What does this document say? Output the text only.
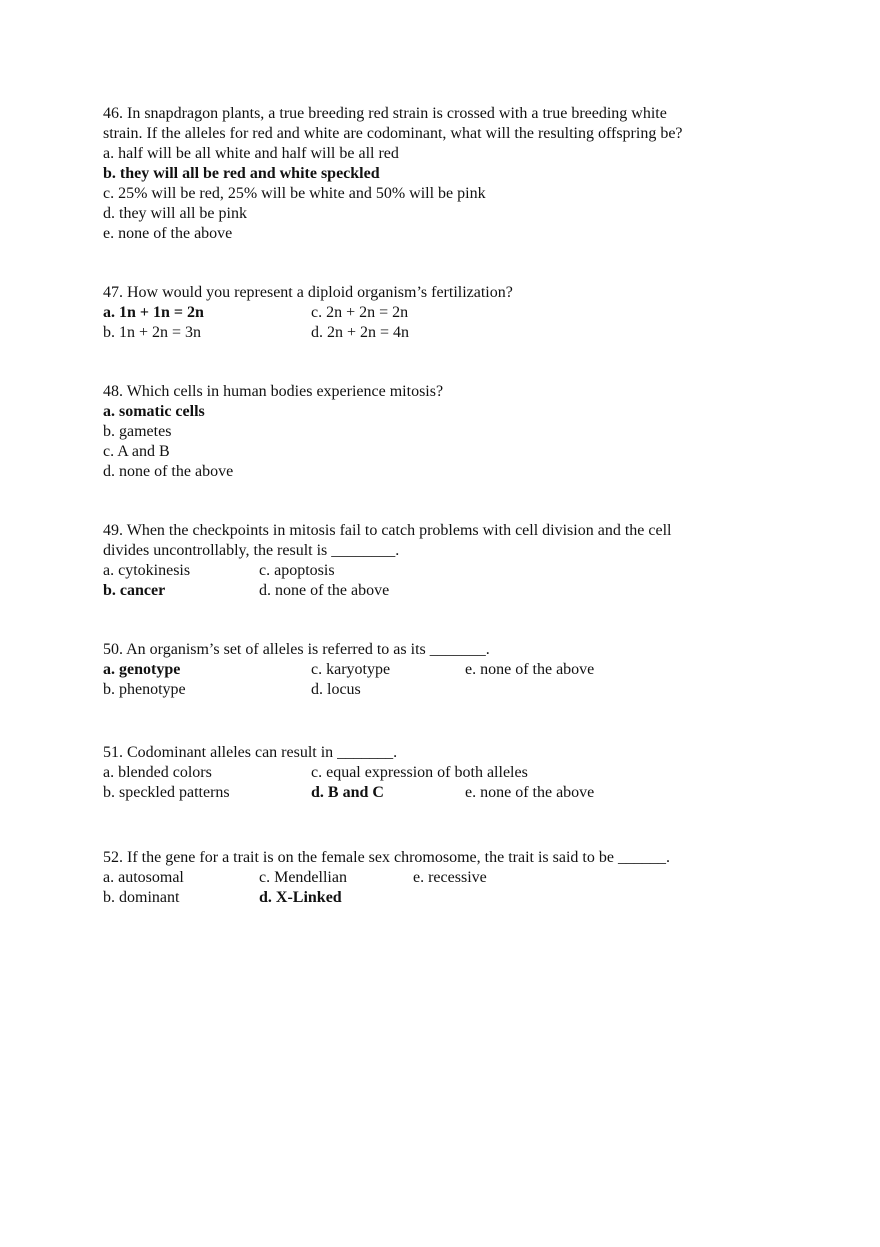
46. In snapdragon plants, a true breeding red strain is crossed with a true breeding white
strain. If the alleles for red and white are codominant, what will the resulting offspring be?
a. half will be all white and half will be all red
b. they will all be red and white speckled
c. 25% will be red, 25% will be white and 50% will be pink
d. they will all be pink
e. none of the above
47. How would you represent a diploid organism’s fertilization?
a. 1n + 1n = 2n	c. 2n + 2n = 2n
b. 1n + 2n = 3n	d. 2n + 2n = 4n
48. Which cells in human bodies experience mitosis?
a. somatic cells
b. gametes
c. A and B
d. none of the above
49. When the checkpoints in mitosis fail to catch problems with cell division and the cell
divides uncontrollably, the result is ________.
a. cytokinesis	c. apoptosis
b. cancer	d. none of the above
50. An organism’s set of alleles is referred to as its _______.
a. genotype	c. karyotype	e. none of the above
b. phenotype	d. locus
51. Codominant alleles can result in _______.
a. blended colors	c. equal expression of both alleles
b. speckled patterns	d. B and C	e. none of the above
52. If the gene for a trait is on the female sex chromosome, the trait is said to be ______.
a. autosomal	c. Mendellian	e. recessive
b. dominant	d. X-Linked
